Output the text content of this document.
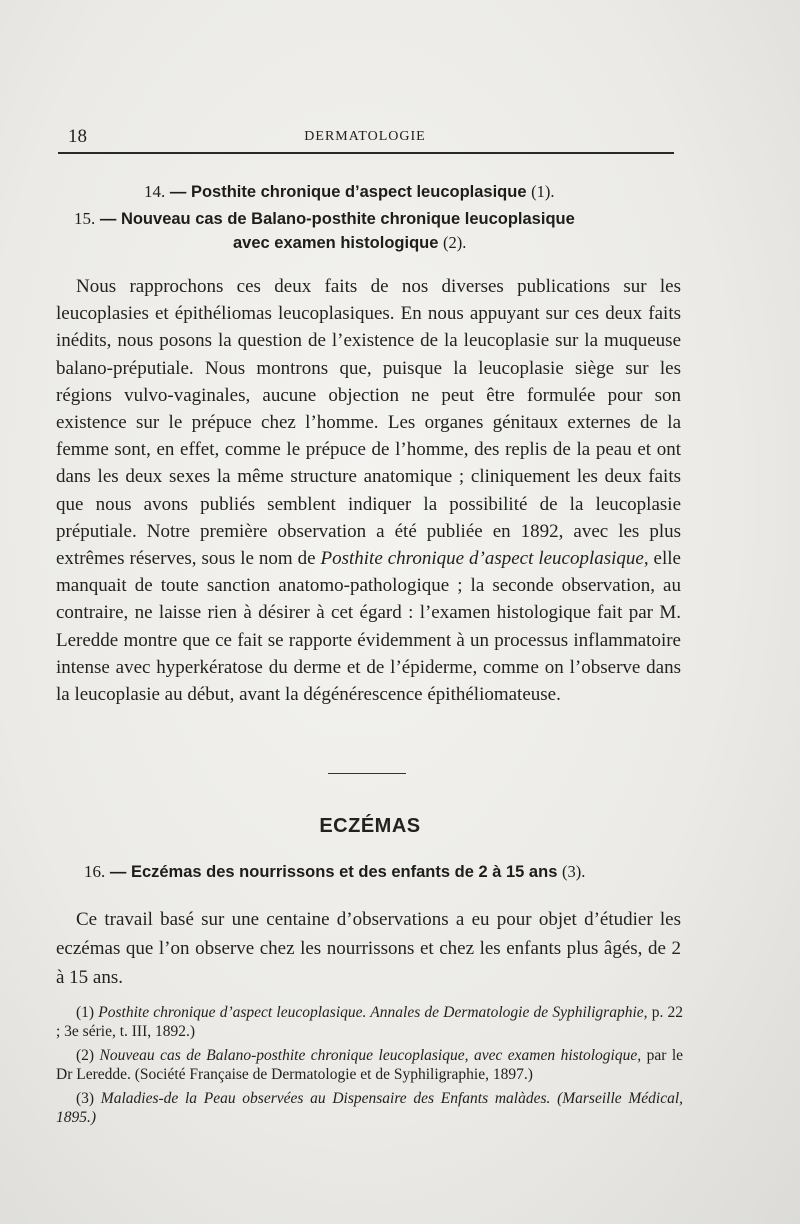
18	DERMATOLOGIE
14. — Posthite chronique d’aspect leucoplasique (1).
15. — Nouveau cas de Balano-posthite chronique leucoplasique
avec examen histologique (2).
Nous rapprochons ces deux faits de nos diverses publications sur les leucoplasies et épithéliomas leucoplasiques. En nous appuyant sur ces deux faits inédits, nous posons la question de l’existence de la leucoplasie sur la muqueuse balano-préputiale. Nous montrons que, puisque la leucoplasie siège sur les régions vulvo-vaginales, aucune objection ne peut être formulée pour son existence sur le prépuce chez l’homme. Les organes génitaux externes de la femme sont, en effet, comme le prépuce de l’homme, des replis de la peau et ont dans les deux sexes la même structure anatomique ; cliniquement les deux faits que nous avons publiés semblent indiquer la possibilité de la leucoplasie préputiale. Notre première observation a été publiée en 1892, avec les plus extrêmes réserves, sous le nom de Posthite chronique d’aspect leucoplasique, elle manquait de toute sanction anatomo-pathologique ; la seconde observation, au contraire, ne laisse rien à désirer à cet égard : l’examen histologique fait par M. Leredde montre que ce fait se rapporte évidemment à un processus inflammatoire intense avec hyperkératose du derme et de l’épiderme, comme on l’observe dans la leucoplasie au début, avant la dégénérescence épithéliomateuse.
ECZÉMAS
16. — Eczémas des nourrissons et des enfants de 2 à 15 ans (3).
Ce travail basé sur une centaine d’observations a eu pour objet d’étudier les eczémas que l’on observe chez les nourrissons et chez les enfants plus âgés, de 2 à 15 ans.

(1) Posthite chronique d’aspect leucoplasique. Annales de Dermatologie de Syphiligraphie, p. 22 ; 3e série, t. III, 1892.)

(2) Nouveau cas de Balano-posthite chronique leucoplasique, avec examen histologique, par le Dr Leredde. (Société Française de Dermatologie et de Syphiligraphie, 1897.)

(3) Maladies-de la Peau observées au Dispensaire des Enfants malàdes. (Marseille Médical, 1895.)
